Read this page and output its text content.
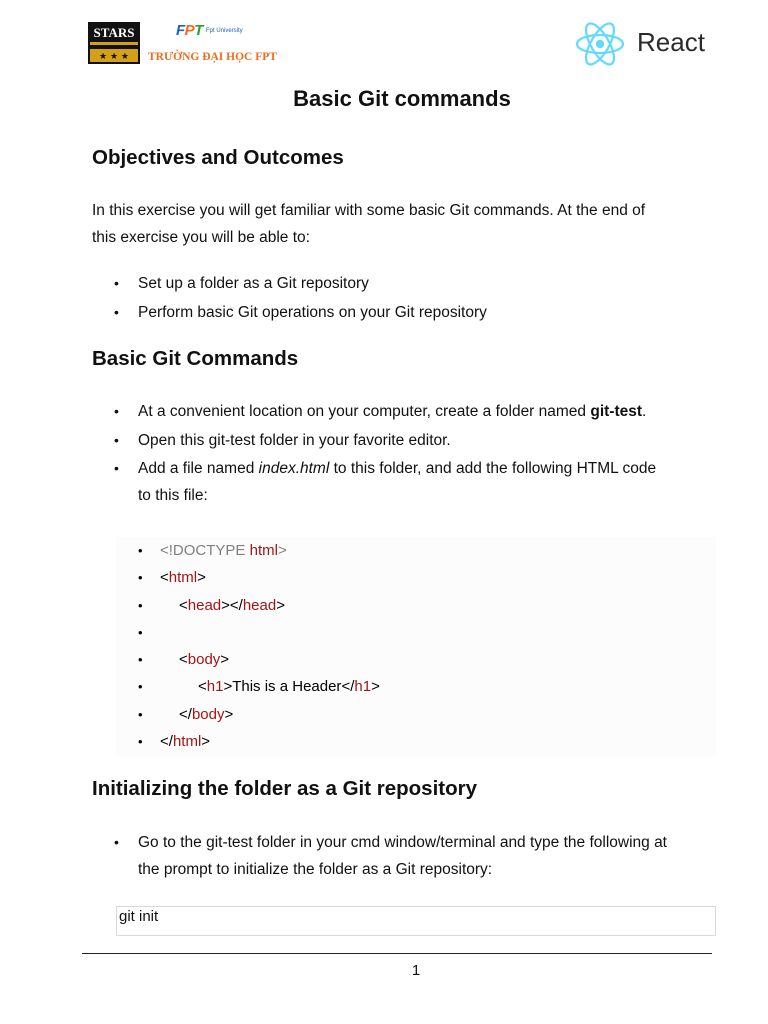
STARS
★ ★ ★
FPT Fpt University
TRƯỜNG ĐẠI HỌC FPT	React
Basic Git commands
Objectives and Outcomes
In this exercise you will get familiar with some basic Git commands. At the end of
this exercise you will be able to:
• Set up a folder as a Git repository
• Perform basic Git operations on your Git repository
Basic Git Commands
• At a convenient location on your computer, create a folder named git-test.
• Open this git-test folder in your favorite editor.
• Add a file named index.html to this folder, and add the following HTML code
to this file:
• <!DOCTYPE html>
• <html>
• <head></head>
•
• <body>
• <h1>This is a Header</h1>
• </body>
• </html>
Initializing the folder as a Git repository
• Go to the git-test folder in your cmd window/terminal and type the following at
the prompt to initialize the folder as a Git repository:
git init
1
